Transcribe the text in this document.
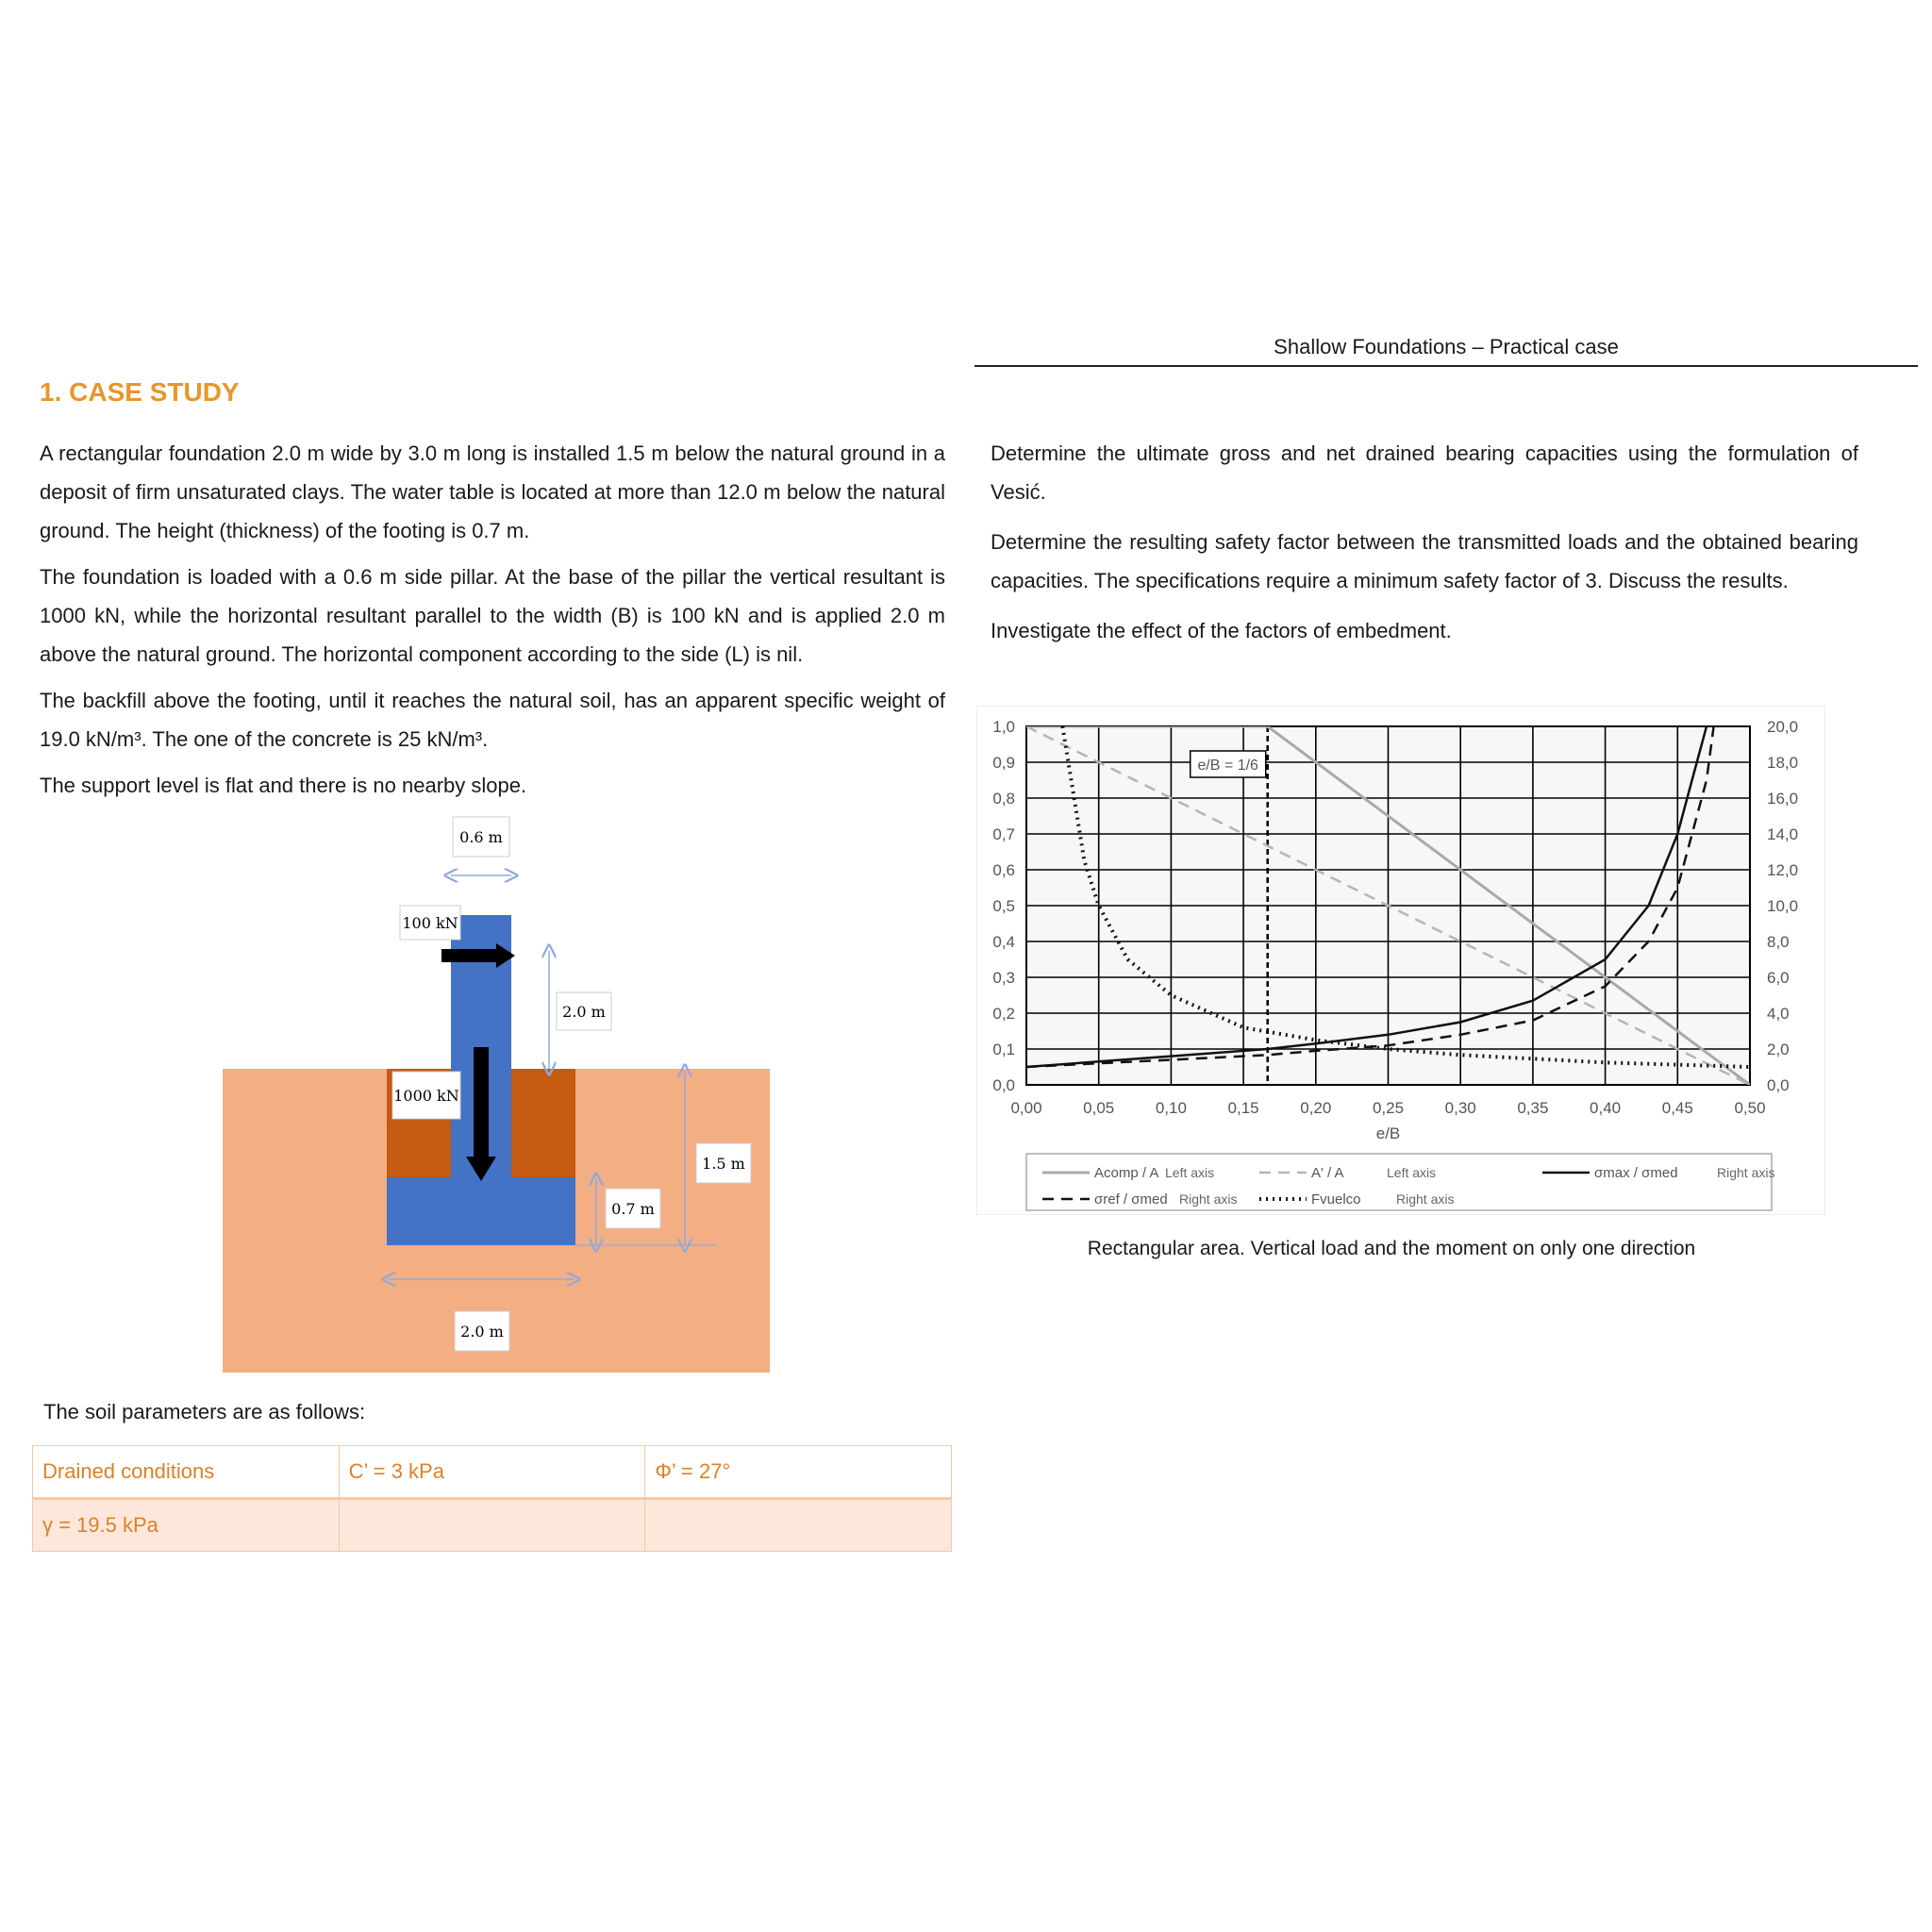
1. CASE STUDY

A rectangular foundation 2.0 m wide by 3.0 m long is installed 1.5 m below the natural ground in a deposit of firm unsaturated clays. The water table is located at more than 12.0 m below the natural ground. The height (thickness) of the footing is 0.7 m.

The foundation is loaded with a 0.6 m side pillar. At the base of the pillar the vertical resultant is 1000 kN, while the horizontal resultant parallel to the width (B) is 100 kN and is applied 2.0 m above the natural ground. The horizontal component according to the side (L) is nil.

The backfill above the footing, until it reaches the natural soil, has an apparent specific weight of 19.0 kN/m³. The one of the concrete is 25 kN/m³.

The support level is flat and there is no nearby slope.

0.6 m
100 kN
2.0 m
1000 kN
1.5 m
0.7 m
2.0 m
The soil parameters are as follows:
Drained conditions	C’ = 3 kPa	Φ’ = 27°
γ = 19.5 kPa		
Shallow Foundations – Practical case

Determine the ultimate gross and net drained bearing capacities using the formulation of Vesić.

Determine the resulting safety factor between the transmitted loads and the obtained bearing capacities. The specifications require a minimum safety factor of 3. Discuss the results.

Investigate the effect of the factors of embedment.

0,00	0,05	0,10	0,15	0,20	0,25	0,30	0,35	0,40	0,45	0,50
0,0	0,0
0,1	2,0
0,2	4,0
0,3	6,0
0,4	8,0
0,5	10,0
0,6	12,0
0,7	14,0
0,8	16,0
0,9	18,0
1,0	20,0
e/B
e/B = 1/6
Acomp / A Left axis	A' / A	Left axis	σmax / σmed	Right axis
σref / σmed Right axis	Fvuelco	Right axis
Rectangular area. Vertical load and the moment on only one direction
